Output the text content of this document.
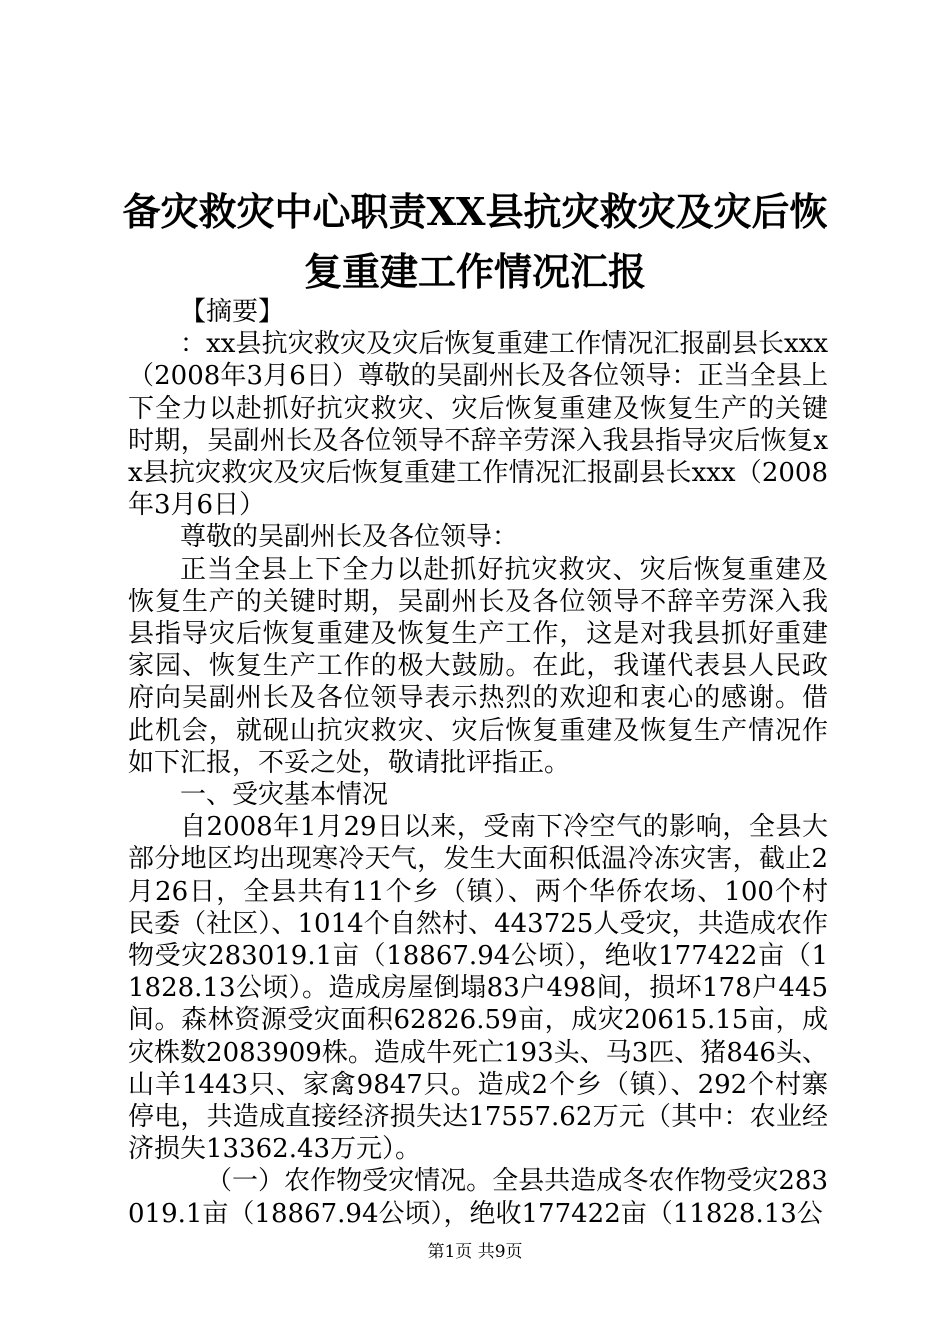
备灾救灾中心职责XX县抗灾救灾及灾后恢复重建工作情况汇报

【摘要】

：xx县抗灾救灾及灾后恢复重建工作情况汇报副县长xxx（2008年3月6日）尊敬的吴副州长及各位领导：正当全县上下全力以赴抓好抗灾救灾、灾后恢复重建及恢复生产的关键时期，吴副州长及各位领导不辞辛劳深入我县指导灾后恢复xx县抗灾救灾及灾后恢复重建工作情况汇报副县长xxx（2008年3月6日）

尊敬的吴副州长及各位领导：

正当全县上下全力以赴抓好抗灾救灾、灾后恢复重建及恢复生产的关键时期，吴副州长及各位领导不辞辛劳深入我县指导灾后恢复重建及恢复生产工作，这是对我县抓好重建家园、恢复生产工作的极大鼓励。在此，我谨代表县人民政府向吴副州长及各位领导表示热烈的欢迎和衷心的感谢。借此机会，就砚山抗灾救灾、灾后恢复重建及恢复生产情况作如下汇报，不妥之处，敬请批评指正。

一、受灾基本情况

自2008年1月29日以来，受南下冷空气的影响，全县大部分地区均出现寒冷天气，发生大面积低温冷冻灾害，截止2月26日，全县共有11个乡（镇）、两个华侨农场、100个村民委（社区）、1014个自然村、443725人受灾，共造成农作物受灾283019.1亩（18867.94公顷），绝收177422亩（11828.13公顷）。造成房屋倒塌83户498间，损坏178户445间。森林资源受灾面积62826.59亩，成灾20615.15亩，成灾株数2083909株。造成牛死亡193头、马3匹、猪846头、山羊1443只、家禽9847只。造成2个乡（镇）、292个村寨停电，共造成直接经济损失达17557.62万元（其中：农业经济损失13362.43万元）。

（一）农作物受灾情况。全县共造成冬农作物受灾283019.1亩（18867.94公顷），绝收177422亩（11828.13公

第1页 共9页
